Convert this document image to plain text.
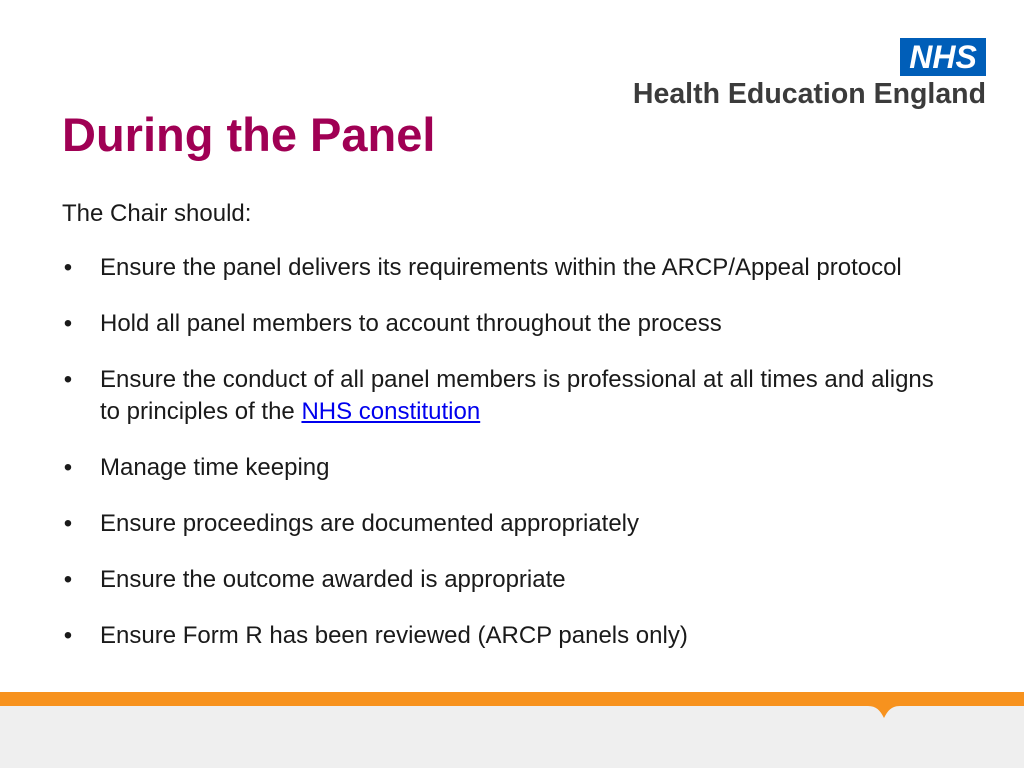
NHS
Health Education England
During the Panel
The Chair should:
• Ensure the panel delivers its requirements within the ARCP/Appeal protocol
• Hold all panel members to account throughout the process
• Ensure the conduct of all panel members is professional at all times and aligns to principles of the NHS constitution
• Manage time keeping
• Ensure proceedings are documented appropriately
• Ensure the outcome awarded is appropriate
• Ensure Form R has been reviewed (ARCP panels only)
